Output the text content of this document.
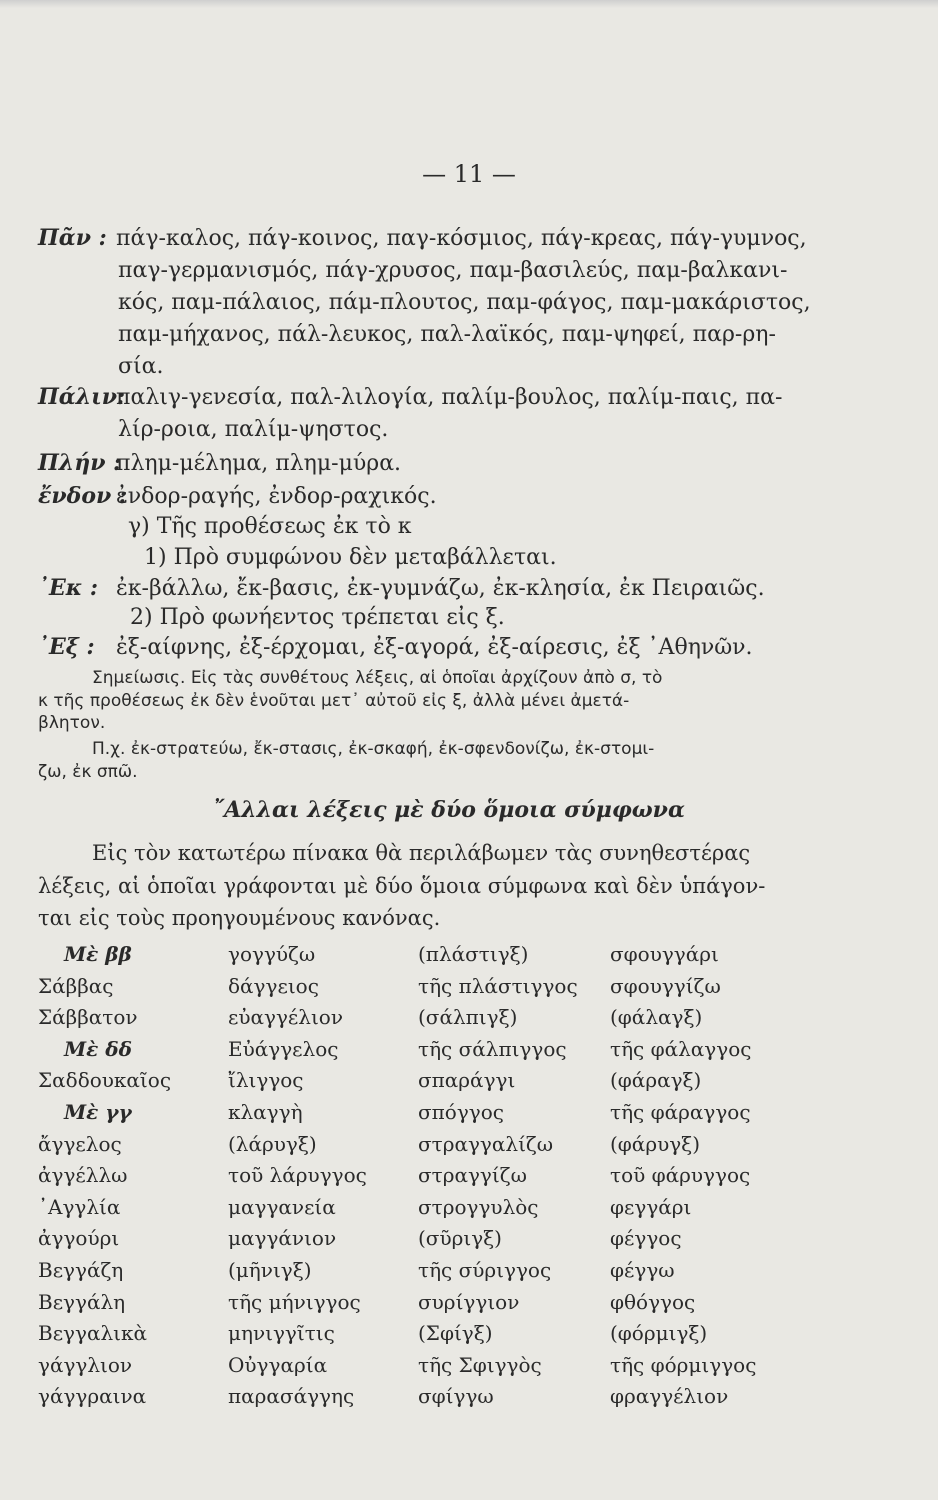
— 11 —
Πᾶν : πάγ-καλος, πάγ-κοινος, παγ-κόσμιος, πάγ-κρεας, πάγ-γυμνος,
παγ-γερμανισμός, πάγ-χρυσος, παμ-βασιλεύς, παμ-βαλκανι-
κός, παμ-πάλαιος, πάμ-πλουτος, παμ-φάγος, παμ-μακάριστος,
παμ-μήχανος, πάλ-λευκος, παλ-λαϊκός, παμ-ψηφεί, παρ-ρη-
σία.
Πάλιν:παλιγ-γενεσία, παλ-λιλογία, παλίμ-βουλος, παλίμ-παις, πα-
λίρ-ροια, παλίμ-ψηστος.
Πλήν :πλημ-μέλημα, πλημ-μύρα.
ἔνδον :ἐνδορ-ραγής, ἐνδορ-ραχικός.
γ) Τῆς προθέσεως ἐκ τὸ κ
1) Πρὸ συμφώνου δὲν μεταβάλλεται.
᾿Εκ : ἐκ-βάλλω, ἔκ-βασις, ἐκ-γυμνάζω, ἐκ-κλησία, ἐκ Πειραιῶς.
2) Πρὸ φωνήεντος τρέπεται εἰς ξ.
᾿Εξ : ἐξ-αίφνης, ἐξ-έρχομαι, ἐξ-αγορά, ἐξ-αίρεσις, ἐξ ᾿Αθηνῶν.
Σημείωσις. Εἰς τὰς συνθέτους λέξεις, αἱ ὁποῖαι ἀρχίζουν ἀπὸ σ, τὸ
κ τῆς προθέσεως ἐκ δὲν ἑνοῦται μετ᾿ αὐτοῦ εἰς ξ, ἀλλὰ μένει ἀμετά-
βλητον.
Π.χ. ἐκ-στρατεύω, ἔκ-στασις, ἐκ-σκαφή, ἐκ-σφενδονίζω, ἐκ-στομι-
ζω, ἐκ σπῶ.
῎Αλλαι λέξεις μὲ δύο ὅμοια σύμφωνα
Εἰς τὸν κατωτέρω πίνακα θὰ περιλάβωμεν τὰς συνηθεστέρας
λέξεις, αἱ ὁποῖαι γράφονται μὲ δύο ὅμοια σύμφωνα καὶ δὲν ὑπάγον-
ται εἰς τοὺς προηγουμένους κανόνας.
Μὲ ββ
Σάββας
Σάββατον
Μὲ δδ
Σαδδουκαῖος
Μὲ γγ
ἄγγελος
ἀγγέλλω
᾿Αγγλία
ἀγγούρι
Βεγγάζη
Βεγγάλη
Βεγγαλικὰ
γάγγλιον
γάγγραινα
γογγύζω
δάγγειος
εὐαγγέλιον
Εὐάγγελος
ἴλιγγος
κλαγγὴ
(λάρυγξ)
τοῦ λάρυγγος
μαγγανεία
μαγγάνιον
(μῆνιγξ)
τῆς μήνιγγος
μηνιγγῖτις
Οὐγγαρία
παρασάγγης
(πλάστιγξ)
τῆς πλάστιγγος
(σάλπιγξ)
τῆς σάλπιγγος
σπαράγγι
σπόγγος
στραγγαλίζω
στραγγίζω
στρογγυλὸς
(σῦριγξ)
τῆς σύριγγος
συρίγγιον
(Σφίγξ)
τῆς Σφιγγὸς
σφίγγω
σφουγγάρι
σφουγγίζω
(φάλαγξ)
τῆς φάλαγγος
(φάραγξ)
τῆς φάραγγος
(φάρυγξ)
τοῦ φάρυγγος
φεγγάρι
φέγγος
φέγγω
φθόγγος
(φόρμιγξ)
τῆς φόρμιγγος
φραγγέλιον
